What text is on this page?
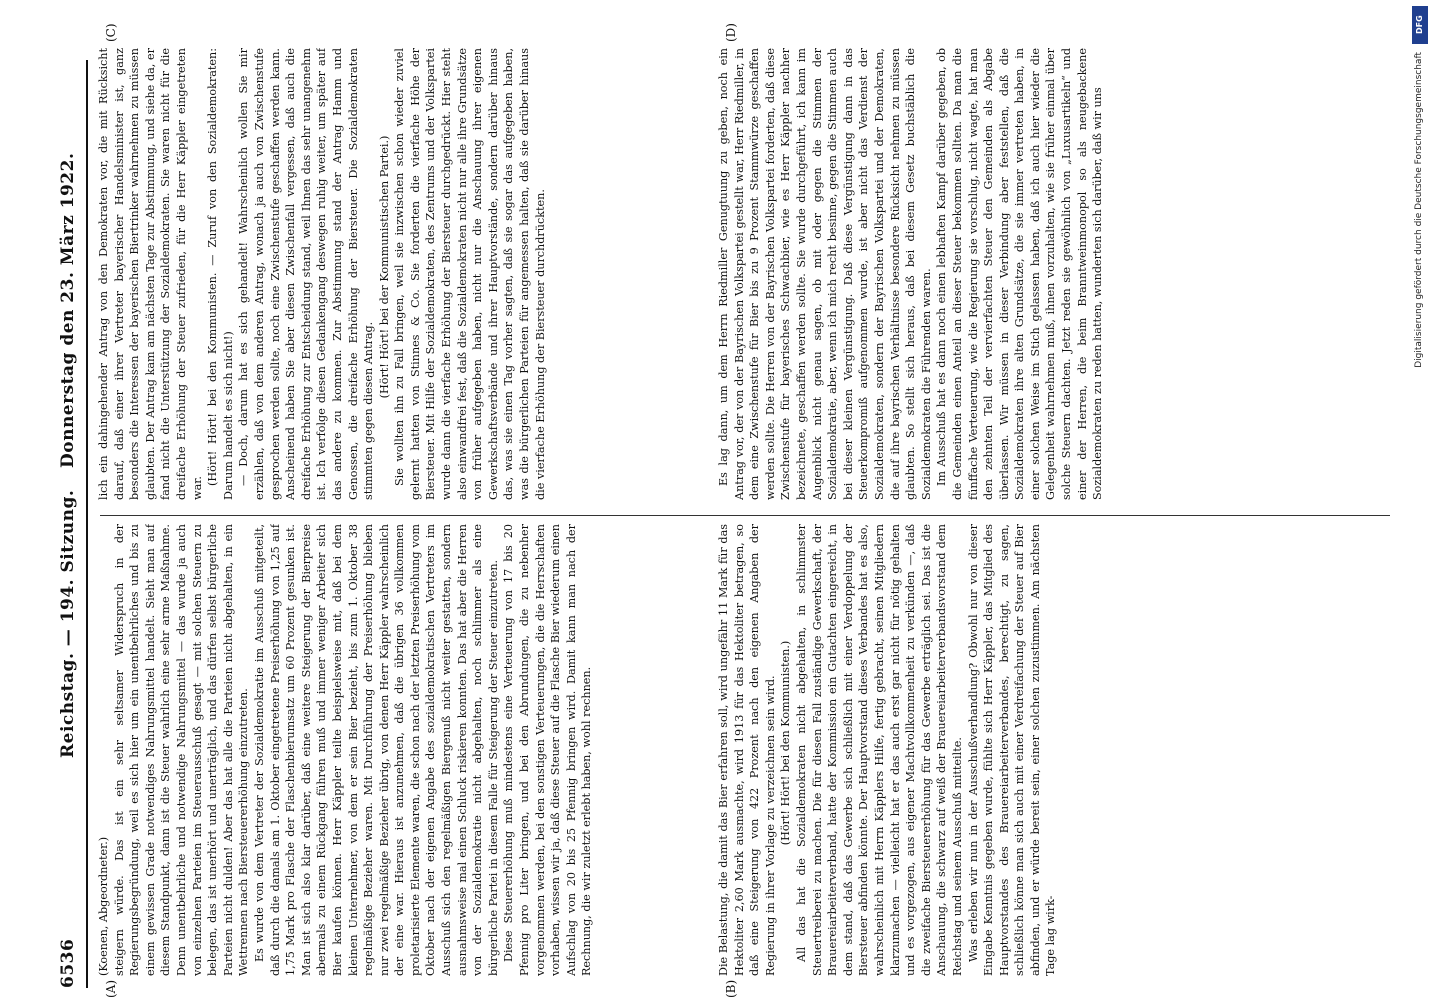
6536
Reichstag. — 194. Sitzung.
Donnerstag den 23. März 1922.
(A)	(B)
(C)	(D)

(Koenen, Abgeordneter.) steigern würde. Das ist ein sehr seltsamer Widerspruch in der Regierungsbegründung, weil es sich hier um ein unentbehrliches und bis zu einem gewissen Grade notwendiges Nahrungsmittel handelt. Sieht man auf diesem Standpunkt, dann ist die Steuer wahrlich eine sehr arme Maßnahme. Denn unentbehrliche und notwendige Nahrungsmittel — das wurde ja auch von einzelnen Parteien im Steuerausschuß gesagt — mit solchen Steuern zu belegen, das ist unerhört und unerträglich, und das dürfen selbst bürgerliche Parteien nicht dulden! Aber das hat alle die Parteien nicht abgehalten, in ein Wettrennen nach Biersteuererhöhung einzutreten. Es wurde von dem Vertreter der Sozialdemokratie im Ausschuß mitgeteilt, daß durch die damals am 1. Oktober eingetretene Preiserhöhung von 1,25 auf 1,75 Mark pro Flasche der Flaschenbierumsatz um 60 Prozent gesunken ist. Man ist sich also klar darüber, daß eine weitere Steigerung der Bierpreise abermals zu einem Rückgang führen muß und immer weniger Arbeiter sich Bier kaufen können. Herr Käppler teilte beispielsweise mit, daß bei dem kleinen Unternehmer, von dem er sein Bier bezieht, bis zum 1. Oktober 38 regelmäßige Bezieher waren. Mit Durchführung der Preiserhöhung blieben nur zwei regelmäßige Bezieher übrig, von denen Herr Käppler wahrscheinlich der eine war. Hieraus ist anzunehmen, daß die übrigen 36 vollkommen proletarisierte Elemente waren, die schon nach der letzten Preiserhöhung vom Oktober nach der eigenen Angabe des sozialdemokratischen Vertreters im Ausschuß sich den regelmäßigen Biergenuß nicht weiter gestatten, sondern ausnahmsweise mal einen Schluck riskieren konnten. Das hat aber die Herren von der Sozialdemokratie nicht abgehalten, noch schlimmer als eine bürgerliche Partei in diesem Falle für Steigerung der Steuer einzutreten. Diese Steuererhöhung muß mindestens eine Verteuerung von 17 bis 20 Pfennig pro Liter bringen, und bei den Abrundungen, die zu nebenher vorgenommen werden, bei den sonstigen Verteuerungen, die die Herrschaften vorhaben, wissen wir ja, daß diese Steuer auf die Flasche Bier wiederum einen Aufschlag von 20 bis 25 Pfennig bringen wird. Damit kann man nach der Rechnung, die wir zuletzt erlebt haben, wohl rechnen.	Die Belastung, die damit das Bier erfahren soll, wird ungefähr 11 Mark für das Hektoliter 2,60 Mark ausmachte, wird 1913 für das Hektoliter betragen, so daß eine Steigerung von 422 Prozent nach den eigenen Angaben der Regierung in ihrer Vorlage zu verzeichnen sein wird. (Hört! Hört! bei den Kommunisten.) All das hat die Sozialdemokraten nicht abgehalten, in schlimmster Steuertreiberei zu machen. Die für diesen Fall zuständige Gewerkschaft, der Brauereiarbeiterverband, hatte der Kommission ein Gutachten eingereicht, in dem stand, daß das Gewerbe sich schließlich mit einer Verdoppelung der Biersteuer abfinden könnte. Der Hauptvorstand dieses Verbandes hat es also, wahrscheinlich mit Herrn Käpplers Hilfe, fertig gebracht, seinen Mitgliedern klarzumachen — vielleicht hat er das auch erst gar nicht für nötig gehalten und es vorgezogen, aus eigener Machtvollkommenheit zu verkünden —, daß die zweifache Biersteuererhöhung für das Gewerbe erträglich sei. Das ist die Anschauung, die schwarz auf weiß der Brauereiarbeiterverbandsvorstand dem Reichstag und seinem Ausschuß mitteilte. Was erleben wir nun in der Ausschußverhandlung? Obwohl nur von dieser Eingabe Kenntnis gegeben wurde, fühlte sich Herr Käppler, das Mitglied des Hauptvorstandes des Brauereiarbeiterverbandes, berechtigt, zu sagen, schließlich könne man sich auch mit einer Verdreifachung der Steuer auf Bier abfinden, und er würde bereit sein, einer solchen zuzustimmen. Am nächsten Tage lag wirk-

lich ein dahingehender Antrag von den Demokraten vor, die mit Rücksicht darauf, daß einer ihrer Vertreter bayerischer Handelsminister ist, ganz besonders die Interessen der bayerischen Biertrinker wahrnehmen zu müssen glaubten. Der Antrag kam am nächsten Tage zur Abstimmung, und siehe da, er fand nicht die Unterstützung der Sozialdemokraten. Sie waren nicht für die dreifache Erhöhung der Steuer zufrieden, für die Herr Käppler eingetreten war.

(Hört! Hört! bei den Kommunisten. — Zuruf von den Sozialdemokraten: Darum handelt es sich nicht!) — Doch, darum hat es sich gehandelt! Wahrscheinlich wollen Sie mir erzählen, daß von dem anderen Antrag, wonach ja auch von Zwischenstufe gesprochen werden sollte, noch eine Zwischenstufe geschaffen werden kann. Anscheinend haben Sie aber diesen Zwischenfall vergessen, daß auch die dreifache Erhöhung zur Entscheidung stand, weil Ihnen das sehr unangenehm ist. Ich verfolge diesen Gedankengang deswegen ruhig weiter, um später auf das andere zu kommen. Zur Abstimmung stand der Antrag Hamm und Genossen, die dreifache Erhöhung der Biersteuer. Die Sozialdemokraten stimmten gegen diesen Antrag.

(Hört! Hört! bei der Kommunistischen Partei.) Sie wollten ihn zu Fall bringen, weil sie inzwischen schon wieder zuviel gelernt hatten von Stinnes & Co. Sie forderten die vierfache Höhe der Biersteuer. Mit Hilfe der Sozialdemokraten, des Zentrums und der Volkspartei wurde dann die vierfache Erhöhung der Biersteuer durchgedrückt. Hier steht also einwandfrei fest, daß die Sozialdemokraten nicht nur alle ihre Grundsätze von früher aufgegeben haben, nicht nur die Anschauung ihrer eigenen Gewerkschaftsverbände und ihrer Hauptvorstände, sondern darüber hinaus das, was sie einen Tag vorher sagten, daß sie sogar das aufgegeben haben, was die bürgerlichen Parteien für angemessen halten, daß sie darüber hinaus die vierfache Erhöhung der Biersteuer durchdrückten.	Es lag dann, um dem Herrn Riedmiller Genugtuung zu geben, noch ein Antrag vor, der von der Bayrischen Volkspartei gestellt war, Herr Riedmiller, in dem eine Zwischenstufe für Bier bis zu 9 Prozent Stammwürze geschaffen werden sollte. Die Herren von der Bayrischen Volkspartei forderten, daß diese Zwischenstufe für bayerisches Schwachbier, wie es Herr Käppler nachher bezeichnete, geschaffen werden sollte. Sie wurde durchgeführt, ich kann im Augenblick nicht genau sagen, ob mit oder gegen die Stimmen der Sozialdemokratie, aber, wenn ich mich recht besinne, gegen die Stimmen auch bei dieser kleinen Vergünstigung. Daß diese Vergünstigung dann in das Steuerkompromiß aufgenommen wurde, ist aber nicht das Verdienst der Sozialdemokraten, sondern der Bayrischen Volkspartei und der Demokraten, die auf ihre bayrischen Verhältnisse besondere Rücksicht nehmen zu müssen glaubten. So stellt sich heraus, daß bei diesem Gesetz buchstäblich die Sozialdemokraten die Führenden waren. Im Ausschuß hat es dann noch einen lebhaften Kampf darüber gegeben, ob die Gemeinden einen Anteil an dieser Steuer bekommen sollten. Da man die fünffache Verteuerung, wie die Regierung sie vorschlug, nicht wagte, hat man den zehnten Teil der vervierfachten Steuer den Gemeinden als Abgabe überlassen. Wir müssen in dieser Verbindung aber feststellen, daß die Sozialdemokraten ihre alten Grundsätze, die sie immer vertreten haben, in einer solchen Weise im Stich gelassen haben, daß ich auch hier wieder die Gelegenheit wahrnehmen muß, ihnen vorzuhalten, wie sie früher einmal über solche Steuern dachten. Jetzt reden sie gewöhnlich von „Luxusartikeln“ und einer der Herren, die beim Branntweinmonopol so als neugebackene Sozialdemokraten zu reden hatten, wunderten sich darüber, daß wir uns

DFG
Digitalisierung gefördert durch die Deutsche Forschungsgemeinschaft
